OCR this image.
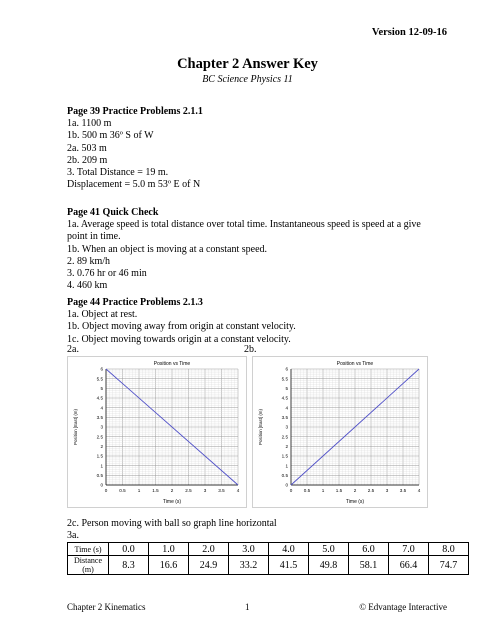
Version 12-09-16
Chapter 2 Answer Key
BC Science Physics 11
Page 39 Practice Problems 2.1.1
1a. 1100 m
1b. 500 m 36º S of W
2a. 503 m
2b. 209 m
3. Total Distance = 19 m.
Displacement = 5.0 m 53º E of N
Page 41 Quick Check
1a. Average speed is total distance over total time. Instantaneous speed is speed at a give point in time.
1b. When an object is moving at a constant speed.
2. 89 km/h
3. 0.76 hr or 46 min
4. 460 km
Page 44 Practice Problems 2.1.3
1a. Object at rest.
1b. Object moving away from origin at constant velocity.
1c. Object moving towards origin at a constant velocity.
2a.	2b.
Position vs Time
0	0.5	1	1.5	2	2.5	3	3.5	4
0
0.5
1
1.5
2
2.5
3
3.5
4
4.5
5
5.5
6
Time (s)
Position [East] (m)
Position vs Time
0	0.5	1	1.5	2	2.5	3	3.5	4
0
0.5
1
1.5
2
2.5
3
3.5
4
4.5
5
5.5
6
Time (s)
Position [East] (m)
2c. Person moving with ball so graph line horizontal
3a.
Time (s)	0.0	1.0	2.0	3.0	4.0	5.0	6.0	7.0	8.0
Distance (m)	8.3	16.6	24.9	33.2	41.5	49.8	58.1	66.4	74.7
Chapter 2 Kinematics	1	© Edvantage Interactive
